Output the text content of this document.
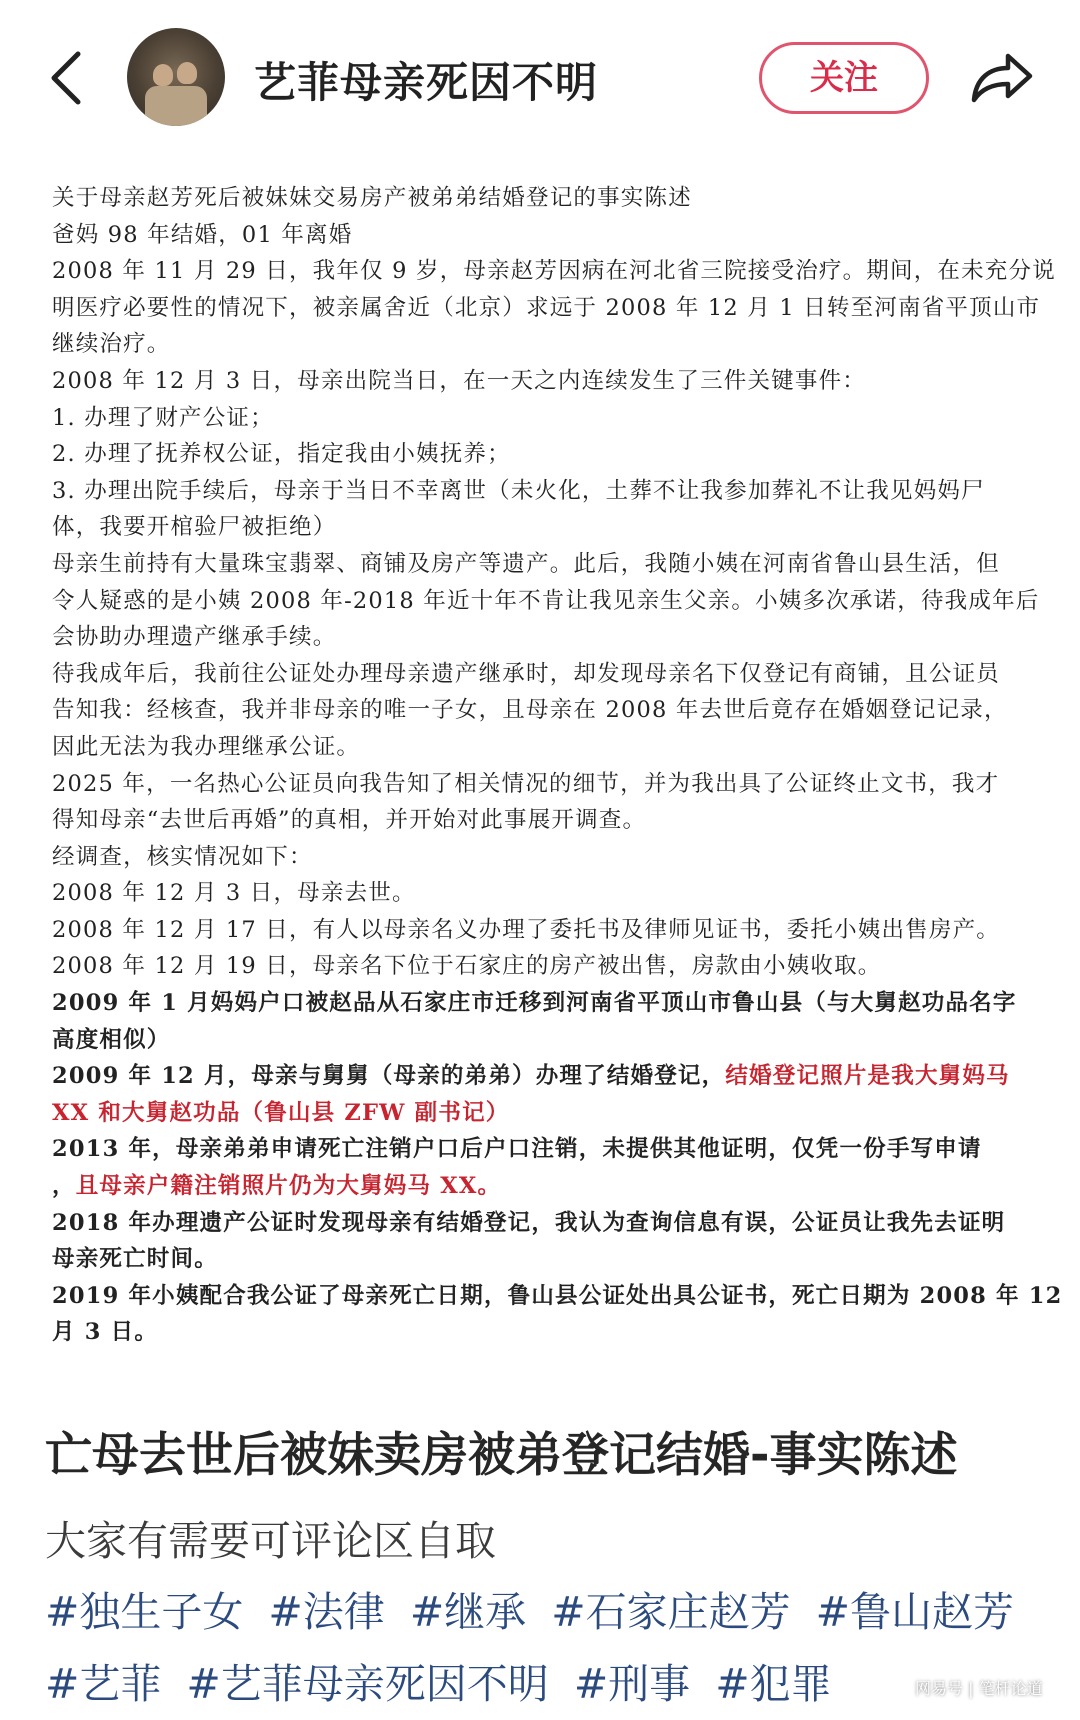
艺菲母亲死因不明	关注
关于母亲赵芳死后被妹妹交易房产被弟弟结婚登记的事实陈述
爸妈 98 年结婚，01 年离婚
2008 年 11 月 29 日，我年仅 9 岁，母亲赵芳因病在河北省三院接受治疗。期间，在未充分说
明医疗必要性的情况下，被亲属舍近（北京）求远于 2008 年 12 月 1 日转至河南省平顶山市
继续治疗。
2008 年 12 月 3 日，母亲出院当日，在一天之内连续发生了三件关键事件：
1. 办理了财产公证；
2. 办理了抚养权公证，指定我由小姨抚养；
3. 办理出院手续后，母亲于当日不幸离世（未火化，土葬不让我参加葬礼不让我见妈妈尸
体，我要开棺验尸被拒绝）
母亲生前持有大量珠宝翡翠、商铺及房产等遗产。此后，我随小姨在河南省鲁山县生活，但
令人疑惑的是小姨 2008 年-2018 年近十年不肯让我见亲生父亲。小姨多次承诺，待我成年后
会协助办理遗产继承手续。
待我成年后，我前往公证处办理母亲遗产继承时，却发现母亲名下仅登记有商铺，且公证员
告知我：经核查，我并非母亲的唯一子女，且母亲在 2008 年去世后竟存在婚姻登记记录，
因此无法为我办理继承公证。
2025 年，一名热心公证员向我告知了相关情况的细节，并为我出具了公证终止文书，我才
得知母亲“去世后再婚”的真相，并开始对此事展开调查。
经调查，核实情况如下：
2008 年 12 月 3 日，母亲去世。
2008 年 12 月 17 日，有人以母亲名义办理了委托书及律师见证书，委托小姨出售房产。
2008 年 12 月 19 日，母亲名下位于石家庄的房产被出售，房款由小姨收取。
2009 年 1 月妈妈户口被赵品从石家庄市迁移到河南省平顶山市鲁山县（与大舅赵功品名字
高度相似）
2009 年 12 月，母亲与舅舅（母亲的弟弟）办理了结婚登记，结婚登记照片是我大舅妈马
XX 和大舅赵功品（鲁山县 ZFW 副书记）
2013 年，母亲弟弟申请死亡注销户口后户口注销，未提供其他证明，仅凭一份手写申请
，且母亲户籍注销照片仍为大舅妈马 XX。
2018 年办理遗产公证时发现母亲有结婚登记，我认为查询信息有误，公证员让我先去证明
母亲死亡时间。
2019 年小姨配合我公证了母亲死亡日期，鲁山县公证处出具公证书，死亡日期为 2008 年 12
月 3 日。
亡母去世后被妹卖房被弟登记结婚-事实陈述
大家有需要可评论区自取
#独生子女 #法律 #继承 #石家庄赵芳 #鲁山赵芳 #艺菲 #艺菲母亲死因不明 #刑事 #犯罪	网易号 | 笔杆论道
